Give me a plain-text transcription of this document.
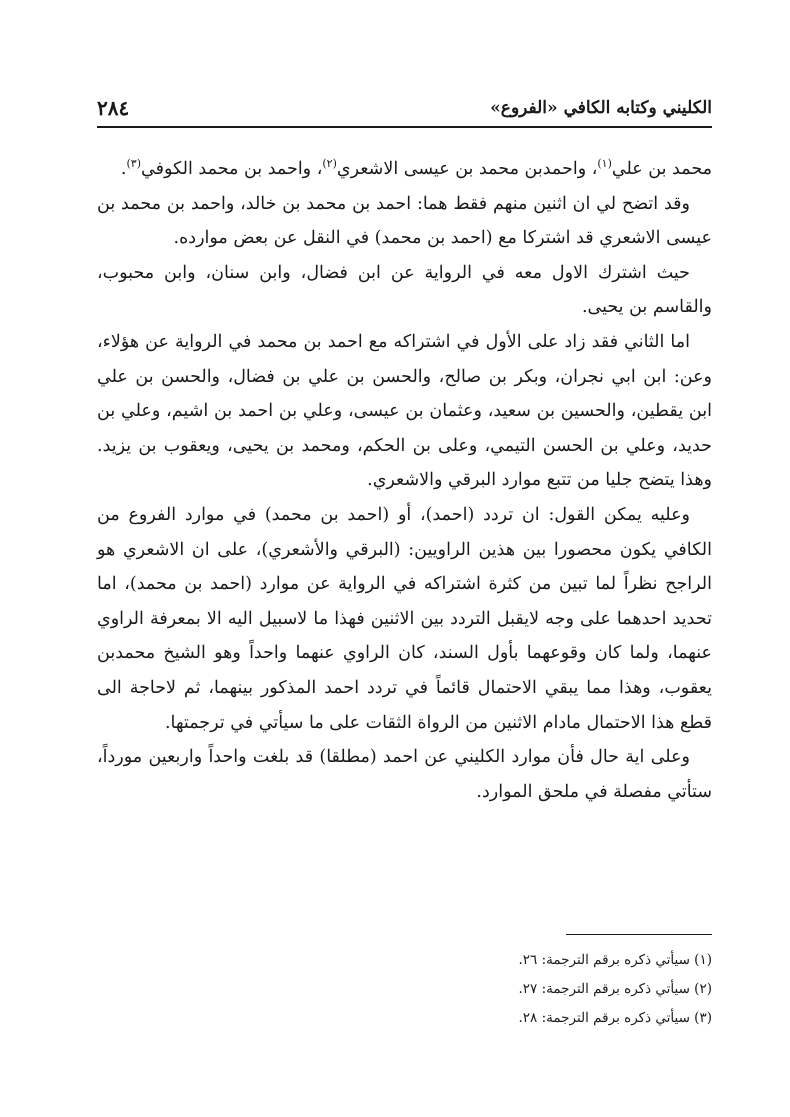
الكليني وكتابه الكافي «الفروع»
٢٨٤

محمد بن علي$^{(١)}$، واحمدبن محمد بن عيسى الاشعري$^{(٢)}$، واحمد بن محمد الكوفي$^{(٣)}$.

وقد اتضح لي ان اثنين منهم فقط هما: احمد بن محمد بن خالد، واحمد بن محمد بن عيسى الاشعري قد اشتركا مع (احمد بن محمد) في النقل عن بعض موارده.

حيث اشترك الاول معه في الرواية عن ابن فضال، وابن سنان، وابن محبوب، والقاسم بن يحيى.

اما الثاني فقد زاد على الأول في اشتراكه مع احمد بن محمد في الرواية عن هؤلاء، وعن: ابن ابي نجران، وبكر بن صالح، والحسن بن علي بن فضال، والحسن بن علي ابن يقطين، والحسين بن سعيد، وعثمان بن عيسى، وعلي بن احمد بن اشيم، وعلي بن حديد، وعلي بن الحسن التيمي، وعلى بن الحكم، ومحمد بن يحيى، ويعقوب بن يزيد. وهذا يتضح جليا من تتبع موارد البرقي والاشعري.

وعليه يمكن القول: ان تردد (احمد)، أو (احمد بن محمد) في موارد الفروع من الكافي يكون محصورا بين هذين الراويين: (البرقي والأشعري)، على ان الاشعري هو الراجح نظراً لما تبين من كثرة اشتراكه في الرواية عن موارد (احمد بن محمد)، اما تحديد احدهما على وجه لايقبل التردد بين الاثنين فهذا ما لاسبيل اليه الا بمعرفة الراوي عنهما، ولما كان وقوعهما بأول السند، كان الراوي عنهما واحداً وهو الشيخ محمدبن يعقوب، وهذا مما يبقي الاحتمال قائماً في تردد احمد المذكور بينهما، ثم لاحاجة الى قطع هذا الاحتمال مادام الاثنين من الرواة الثقات على ما سيأتي في ترجمتها.

وعلى اية حال فأن موارد الكليني عن احمد (مطلقا) قد بلغت واحداً واربعين مورداً، ستأتي مفصلة في ملحق الموارد.

(١) سيأتي ذكره برقم الترجمة: ٢٦.
(٢) سيأتي ذكره برقم الترجمة: ٢٧.
(٣) سيأتي ذكره برقم الترجمة: ٢٨.
